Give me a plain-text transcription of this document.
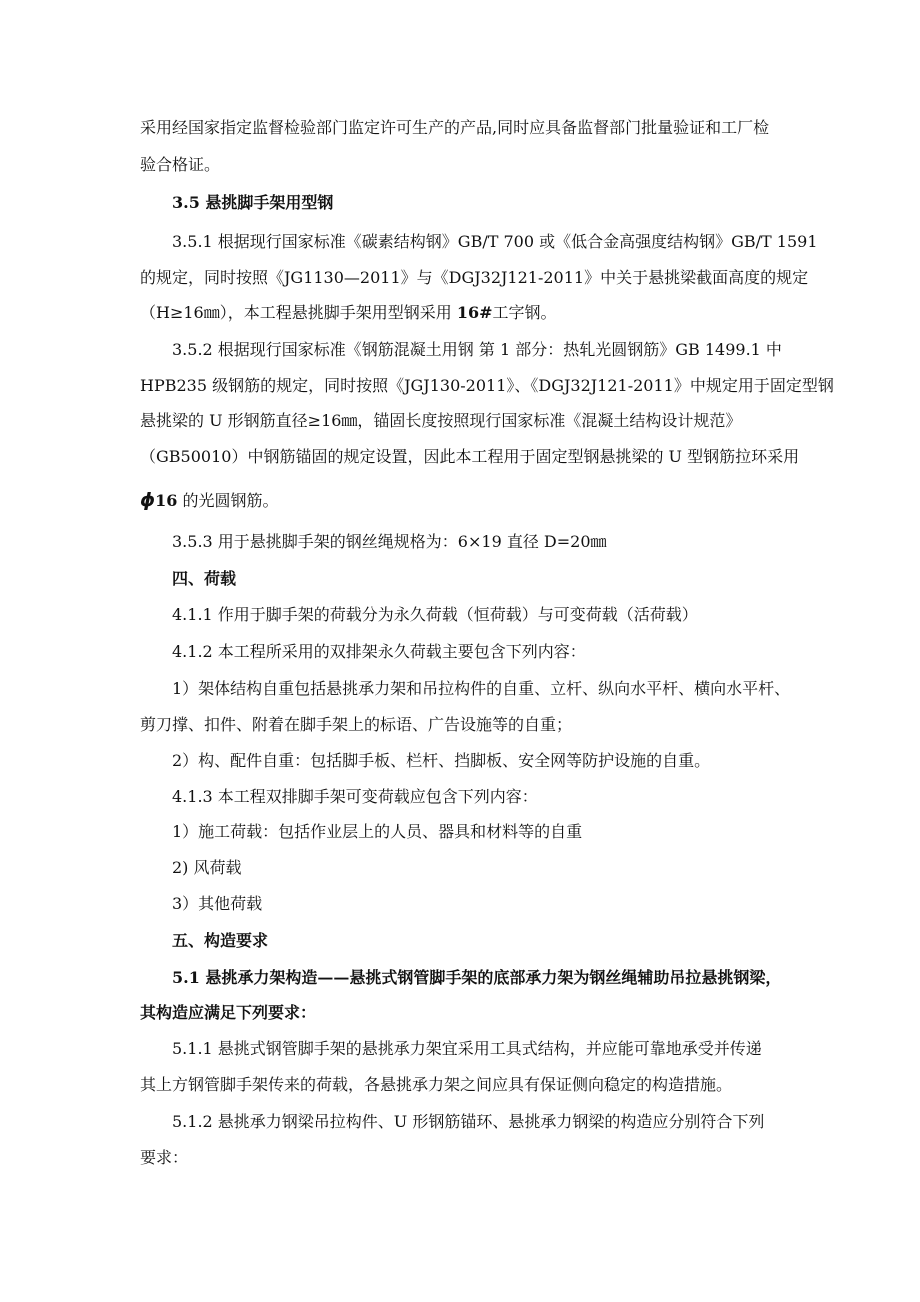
采用经国家指定监督检验部门监定许可生产的产品,同时应具备监督部门批量验证和工厂检
验合格证。
3.5 悬挑脚手架用型钢
3.5.1 根据现行国家标准《碳素结构钢》GB/T 700 或《低合金高强度结构钢》GB/T 1591
的规定，同时按照《JG1130—2011》与《DGJ32J121-2011》中关于悬挑梁截面高度的规定
（H≥16㎜），本工程悬挑脚手架用型钢采用 16#工字钢。
3.5.2 根据现行国家标准《钢筋混凝土用钢 第 1 部分：热轧光圆钢筋》GB 1499.1 中
HPB235 级钢筋的规定，同时按照《JGJ130-2011》、《DGJ32J121-2011》中规定用于固定型钢
悬挑梁的 U 形钢筋直径≥16㎜，锚固长度按照现行国家标准《混凝土结构设计规范》
（GB50010）中钢筋锚固的规定设置，因此本工程用于固定型钢悬挑梁的 U 型钢筋拉环采用
ϕ16 的光圆钢筋。
3.5.3 用于悬挑脚手架的钢丝绳规格为：6×19 直径 D=20㎜
四、荷载
4.1.1 作用于脚手架的荷载分为永久荷载（恒荷载）与可变荷载（活荷载）
4.1.2 本工程所采用的双排架永久荷载主要包含下列内容：
1）架体结构自重包括悬挑承力架和吊拉构件的自重、立杆、纵向水平杆、横向水平杆、
剪刀撑、扣件、附着在脚手架上的标语、广告设施等的自重；
2）构、配件自重：包括脚手板、栏杆、挡脚板、安全网等防护设施的自重。
4.1.3 本工程双排脚手架可变荷载应包含下列内容：
1）施工荷载：包括作业层上的人员、器具和材料等的自重
2) 风荷载
3）其他荷载
五、构造要求
5.1 悬挑承力架构造——悬挑式钢管脚手架的底部承力架为钢丝绳辅助吊拉悬挑钢梁，
其构造应满足下列要求：
5.1.1 悬挑式钢管脚手架的悬挑承力架宜采用工具式结构，并应能可靠地承受并传递
其上方钢管脚手架传来的荷载，各悬挑承力架之间应具有保证侧向稳定的构造措施。
5.1.2 悬挑承力钢梁吊拉构件、U 形钢筋锚环、悬挑承力钢梁的构造应分别符合下列
要求：
